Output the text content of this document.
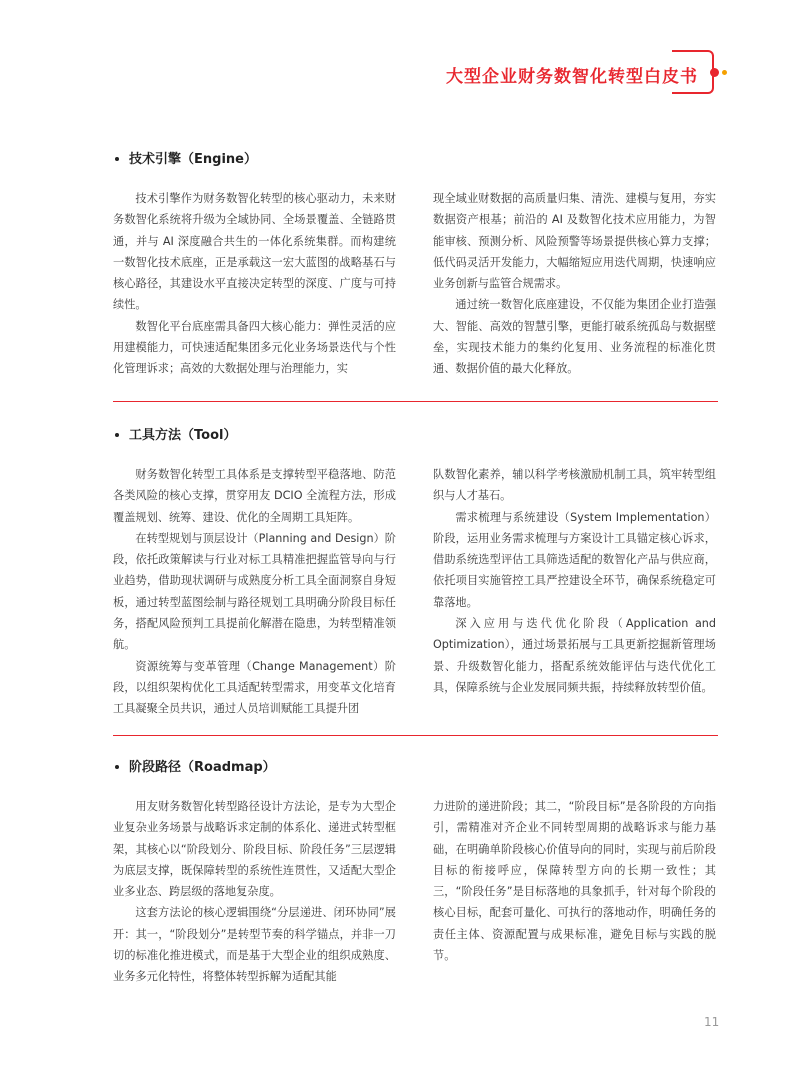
大型企业财务数智化转型白皮书
技术引擎（Engine）

技术引擎作为财务数智化转型的核心驱动力，未来财务数智化系统将升级为全域协同、全场景覆盖、全链路贯通，并与 AI 深度融合共生的一体化系统集群。而构建统一数智化技术底座，正是承载这一宏大蓝图的战略基石与核心路径，其建设水平直接决定转型的深度、广度与可持续性。

数智化平台底座需具备四大核心能力：弹性灵活的应用建模能力，可快速适配集团多元化业务场景迭代与个性化管理诉求；高效的大数据处理与治理能力，实

现全域业财数据的高质量归集、清洗、建模与复用，夯实数据资产根基；前沿的 AI 及数智化技术应用能力，为智能审核、预测分析、风险预警等场景提供核心算力支撑；低代码灵活开发能力，大幅缩短应用迭代周期，快速响应业务创新与监管合规需求。

通过统一数智化底座建设，不仅能为集团企业打造强大、智能、高效的智慧引擎，更能打破系统孤岛与数据壁垒，实现技术能力的集约化复用、业务流程的标准化贯通、数据价值的最大化释放。

工具方法（Tool）

财务数智化转型工具体系是支撑转型平稳落地、防范各类风险的核心支撑，贯穿用友 DCIO 全流程方法，形成覆盖规划、统筹、建设、优化的全周期工具矩阵。

在转型规划与顶层设计（Planning and Design）阶段，依托政策解读与行业对标工具精准把握监管导向与行业趋势，借助现状调研与成熟度分析工具全面洞察自身短板，通过转型蓝图绘制与路径规划工具明确分阶段目标任务，搭配风险预判工具提前化解潜在隐患，为转型精准领航。

资源统筹与变革管理（Change Management）阶段，以组织架构优化工具适配转型需求，用变革文化培育工具凝聚全员共识，通过人员培训赋能工具提升团

队数智化素养，辅以科学考核激励机制工具，筑牢转型组织与人才基石。

需求梳理与系统建设（System Implementation）阶段，运用业务需求梳理与方案设计工具锚定核心诉求，借助系统选型评估工具筛选适配的数智化产品与供应商，依托项目实施管控工具严控建设全环节，确保系统稳定可靠落地。

深入应用与迭代优化阶段（Application and Optimization），通过场景拓展与工具更新挖掘新管理场景、升级数智化能力，搭配系统效能评估与迭代优化工具，保障系统与企业发展同频共振，持续释放转型价值。

阶段路径（Roadmap）

用友财务数智化转型路径设计方法论，是专为大型企业复杂业务场景与战略诉求定制的体系化、递进式转型框架，其核心以“阶段划分、阶段目标、阶段任务”三层逻辑为底层支撑，既保障转型的系统性连贯性，又适配大型企业多业态、跨层级的落地复杂度。

这套方法论的核心逻辑围绕“分层递进、闭环协同”展开：其一，“阶段划分”是转型节奏的科学锚点，并非一刀切的标准化推进模式，而是基于大型企业的组织成熟度、业务多元化特性，将整体转型拆解为适配其能

力进阶的递进阶段；其二，“阶段目标”是各阶段的方向指引，需精准对齐企业不同转型周期的战略诉求与能力基础，在明确单阶段核心价值导向的同时，实现与前后阶段目标的衔接呼应，保障转型方向的长期一致性；其三，“阶段任务”是目标落地的具象抓手，针对每个阶段的核心目标，配套可量化、可执行的落地动作，明确任务的责任主体、资源配置与成果标准，避免目标与实践的脱节。

11
